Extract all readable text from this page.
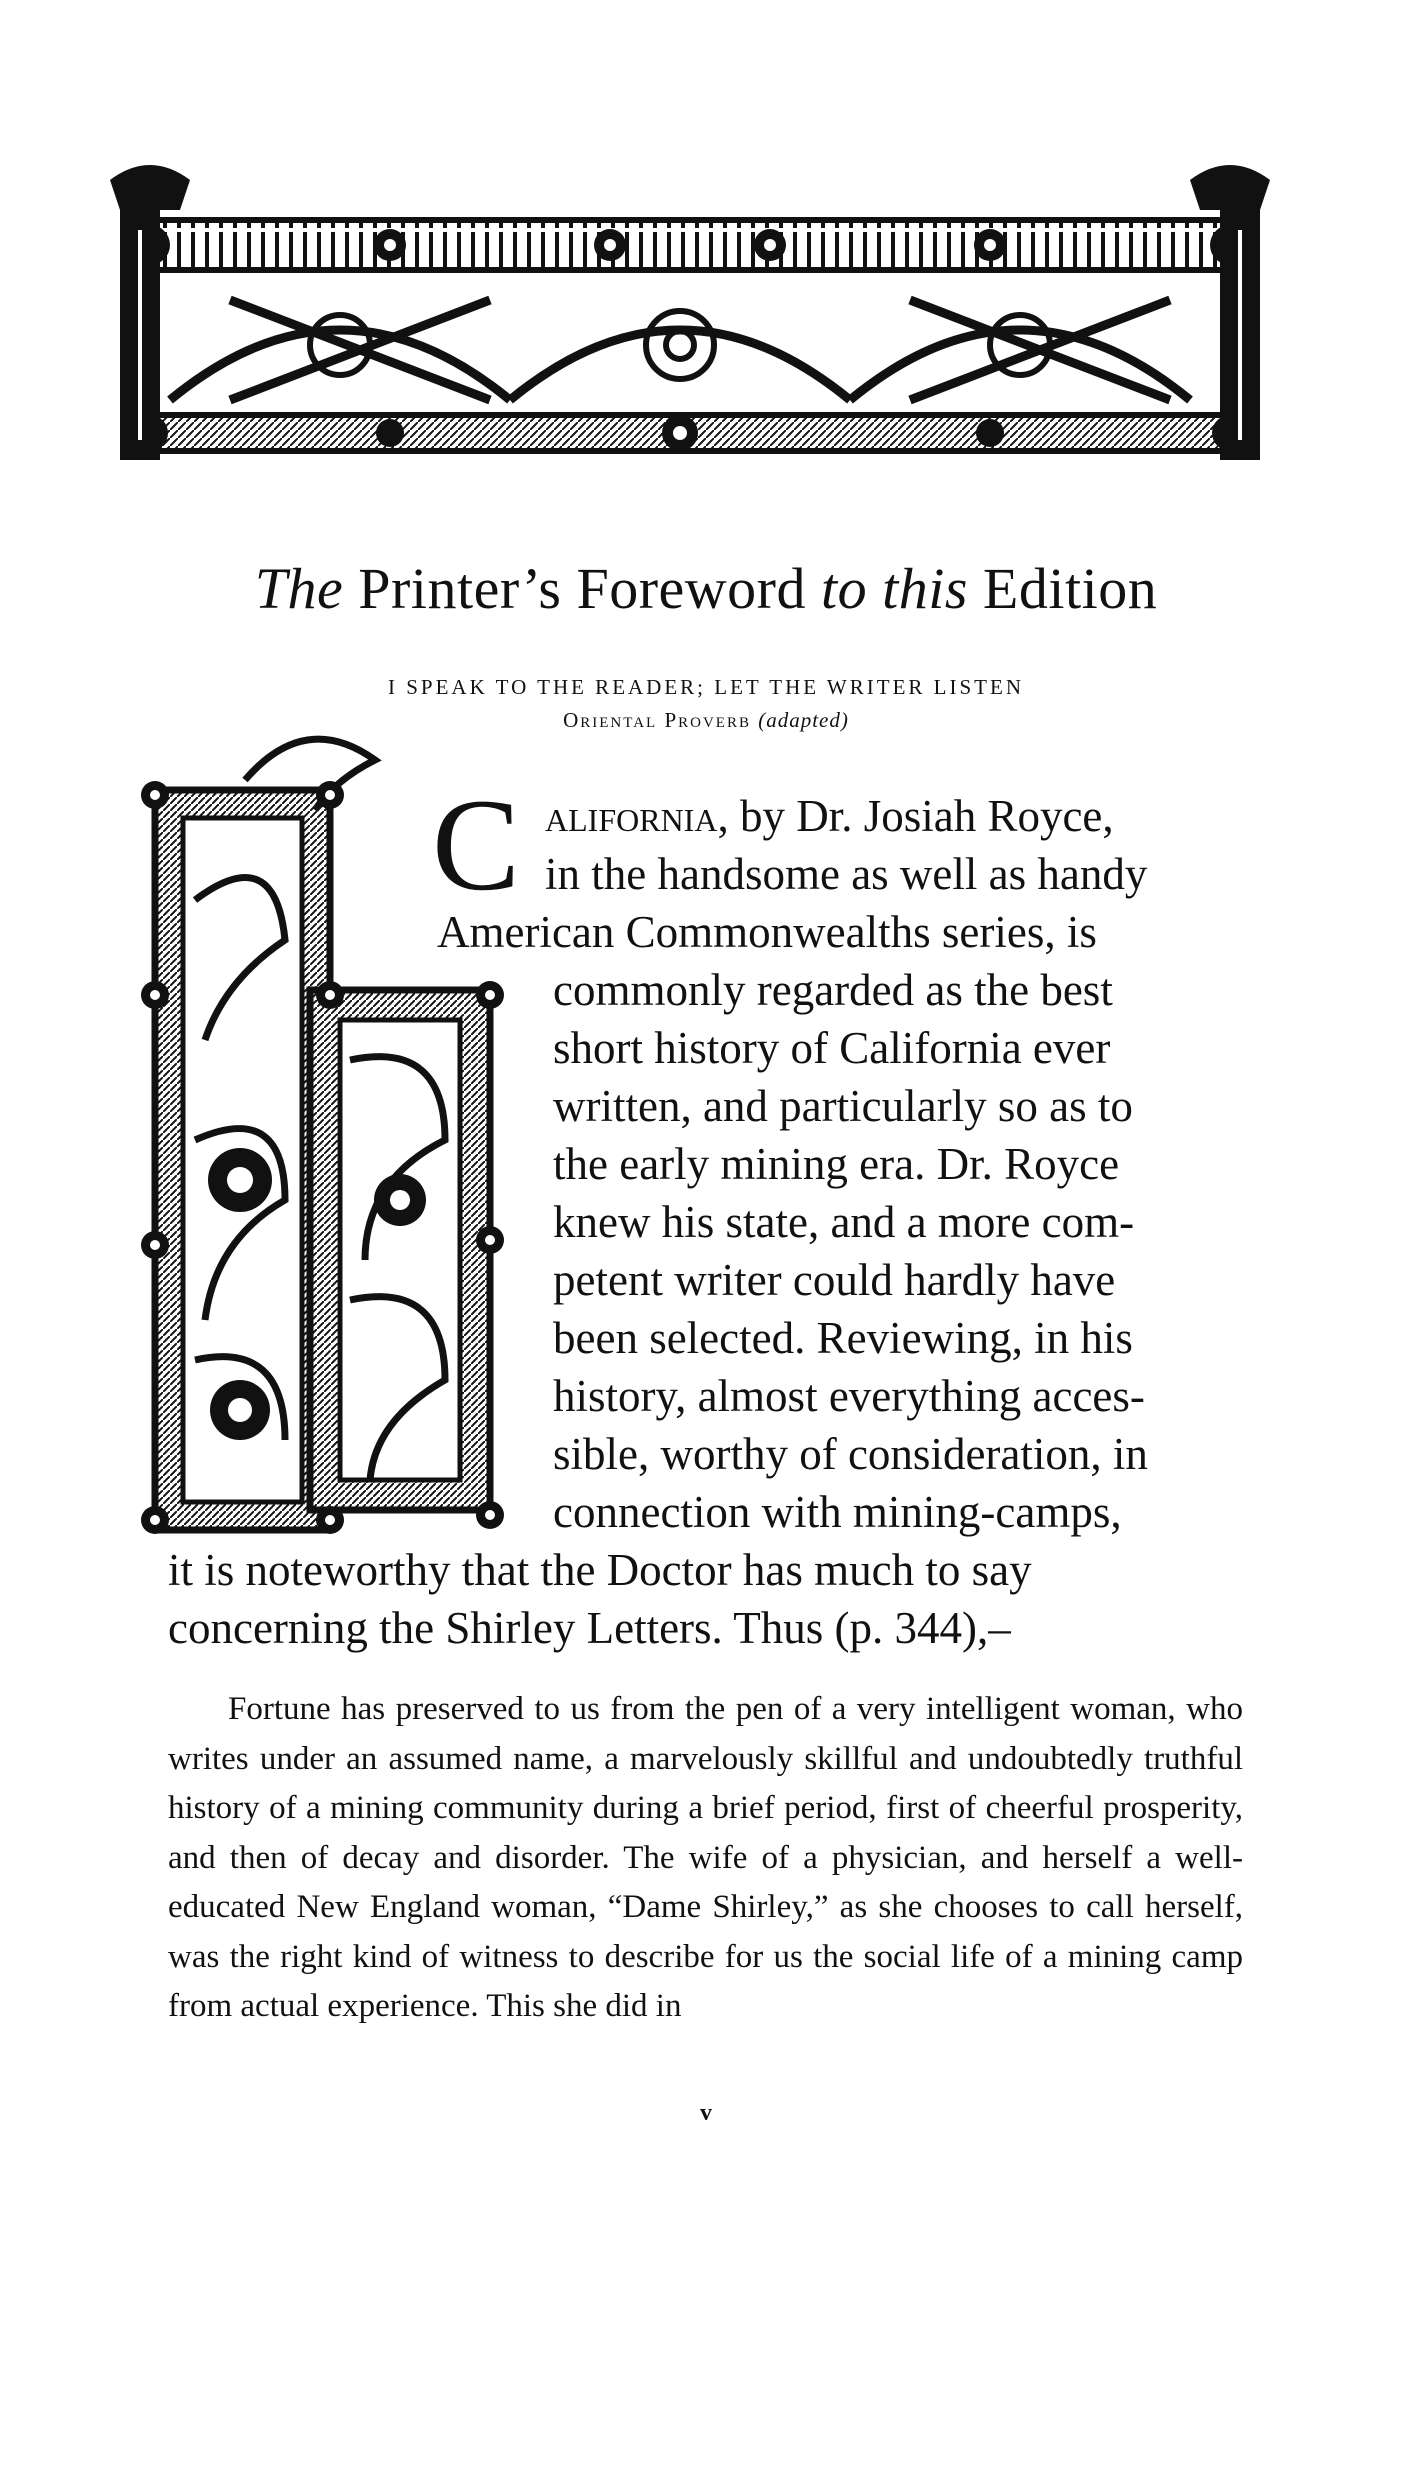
The Printer’s Foreword to this Edition
I SPEAK TO THE READER; LET THE WRITER LISTEN
Oriental Proverb (adapted)
C alifornia, by Dr. Josiah Royce,
in the handsome as well as handy
American Commonwealths series, is
commonly regarded as the best
short history of California ever
written, and particularly so as to
the early mining era. Dr. Royce
knew his state, and a more com-
petent writer could hardly have
been selected. Reviewing, in his
history, almost everything acces-
sible, worthy of consideration, in
connection with mining-camps,
it is noteworthy that the Doctor has much to say
concerning the Shirley Letters. Thus (p. 344),–

Fortune has preserved to us from the pen of a very intelligent woman, who writes under an assumed name, a marvelously skillful and undoubtedly truthful history of a mining community during a brief period, first of cheerful prosperity, and then of decay and disorder. The wife of a physician, and herself a well-educated New England woman, “Dame Shirley,” as she chooses to call herself, was the right kind of witness to describe for us the social life of a mining camp from actual experience. This she did in

v
